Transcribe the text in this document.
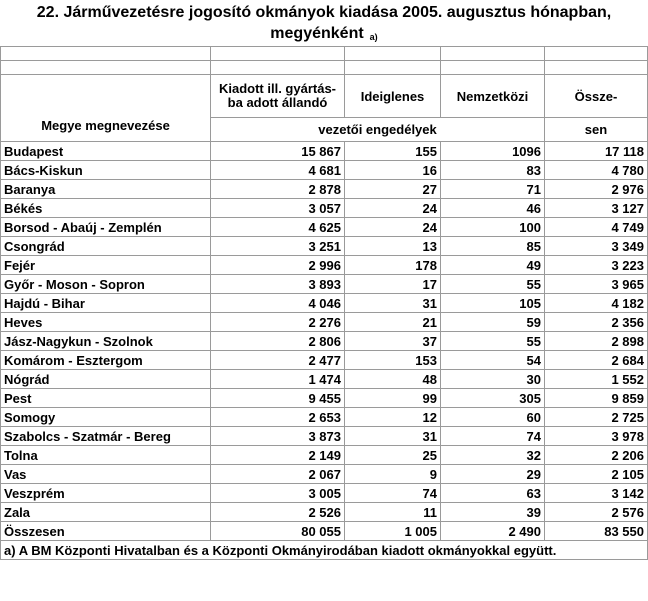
22. Járművezetésre jogosító okmányok kiadása 2005. augusztus hónapban,
megyénként $^{a)}$

Megye megnevezése	Kiadott ill. gyártás-
ba adott állandó	Ideiglenes	Nemzetközi	Össze-
	vezetői engedélyek			sen
Budapest	15 867	155	1096	17 118
Bács-Kiskun	4 681	16	83	4 780
Baranya	2 878	27	71	2 976
Békés	3 057	24	46	3 127
Borsod - Abaúj - Zemplén	4 625	24	100	4 749
Csongrád	3 251	13	85	3 349
Fejér	2 996	178	49	3 223
Győr - Moson - Sopron	3 893	17	55	3 965
Hajdú - Bihar	4 046	31	105	4 182
Heves	2 276	21	59	2 356
Jász-Nagykun - Szolnok	2 806	37	55	2 898
Komárom - Esztergom	2 477	153	54	2 684
Nógrád	1 474	48	30	1 552
Pest	9 455	99	305	9 859
Somogy	2 653	12	60	2 725
Szabolcs - Szatmár - Bereg	3 873	31	74	3 978
Tolna	2 149	25	32	2 206
Vas	2 067	9	29	2 105
Veszprém	3 005	74	63	3 142
Zala	2 526	11	39	2 576
Összesen	80 055	1 005	2 490	83 550
a) A BM Központi Hivatalban és a Központi Okmányirodában kiadott okmányokkal együtt.				
